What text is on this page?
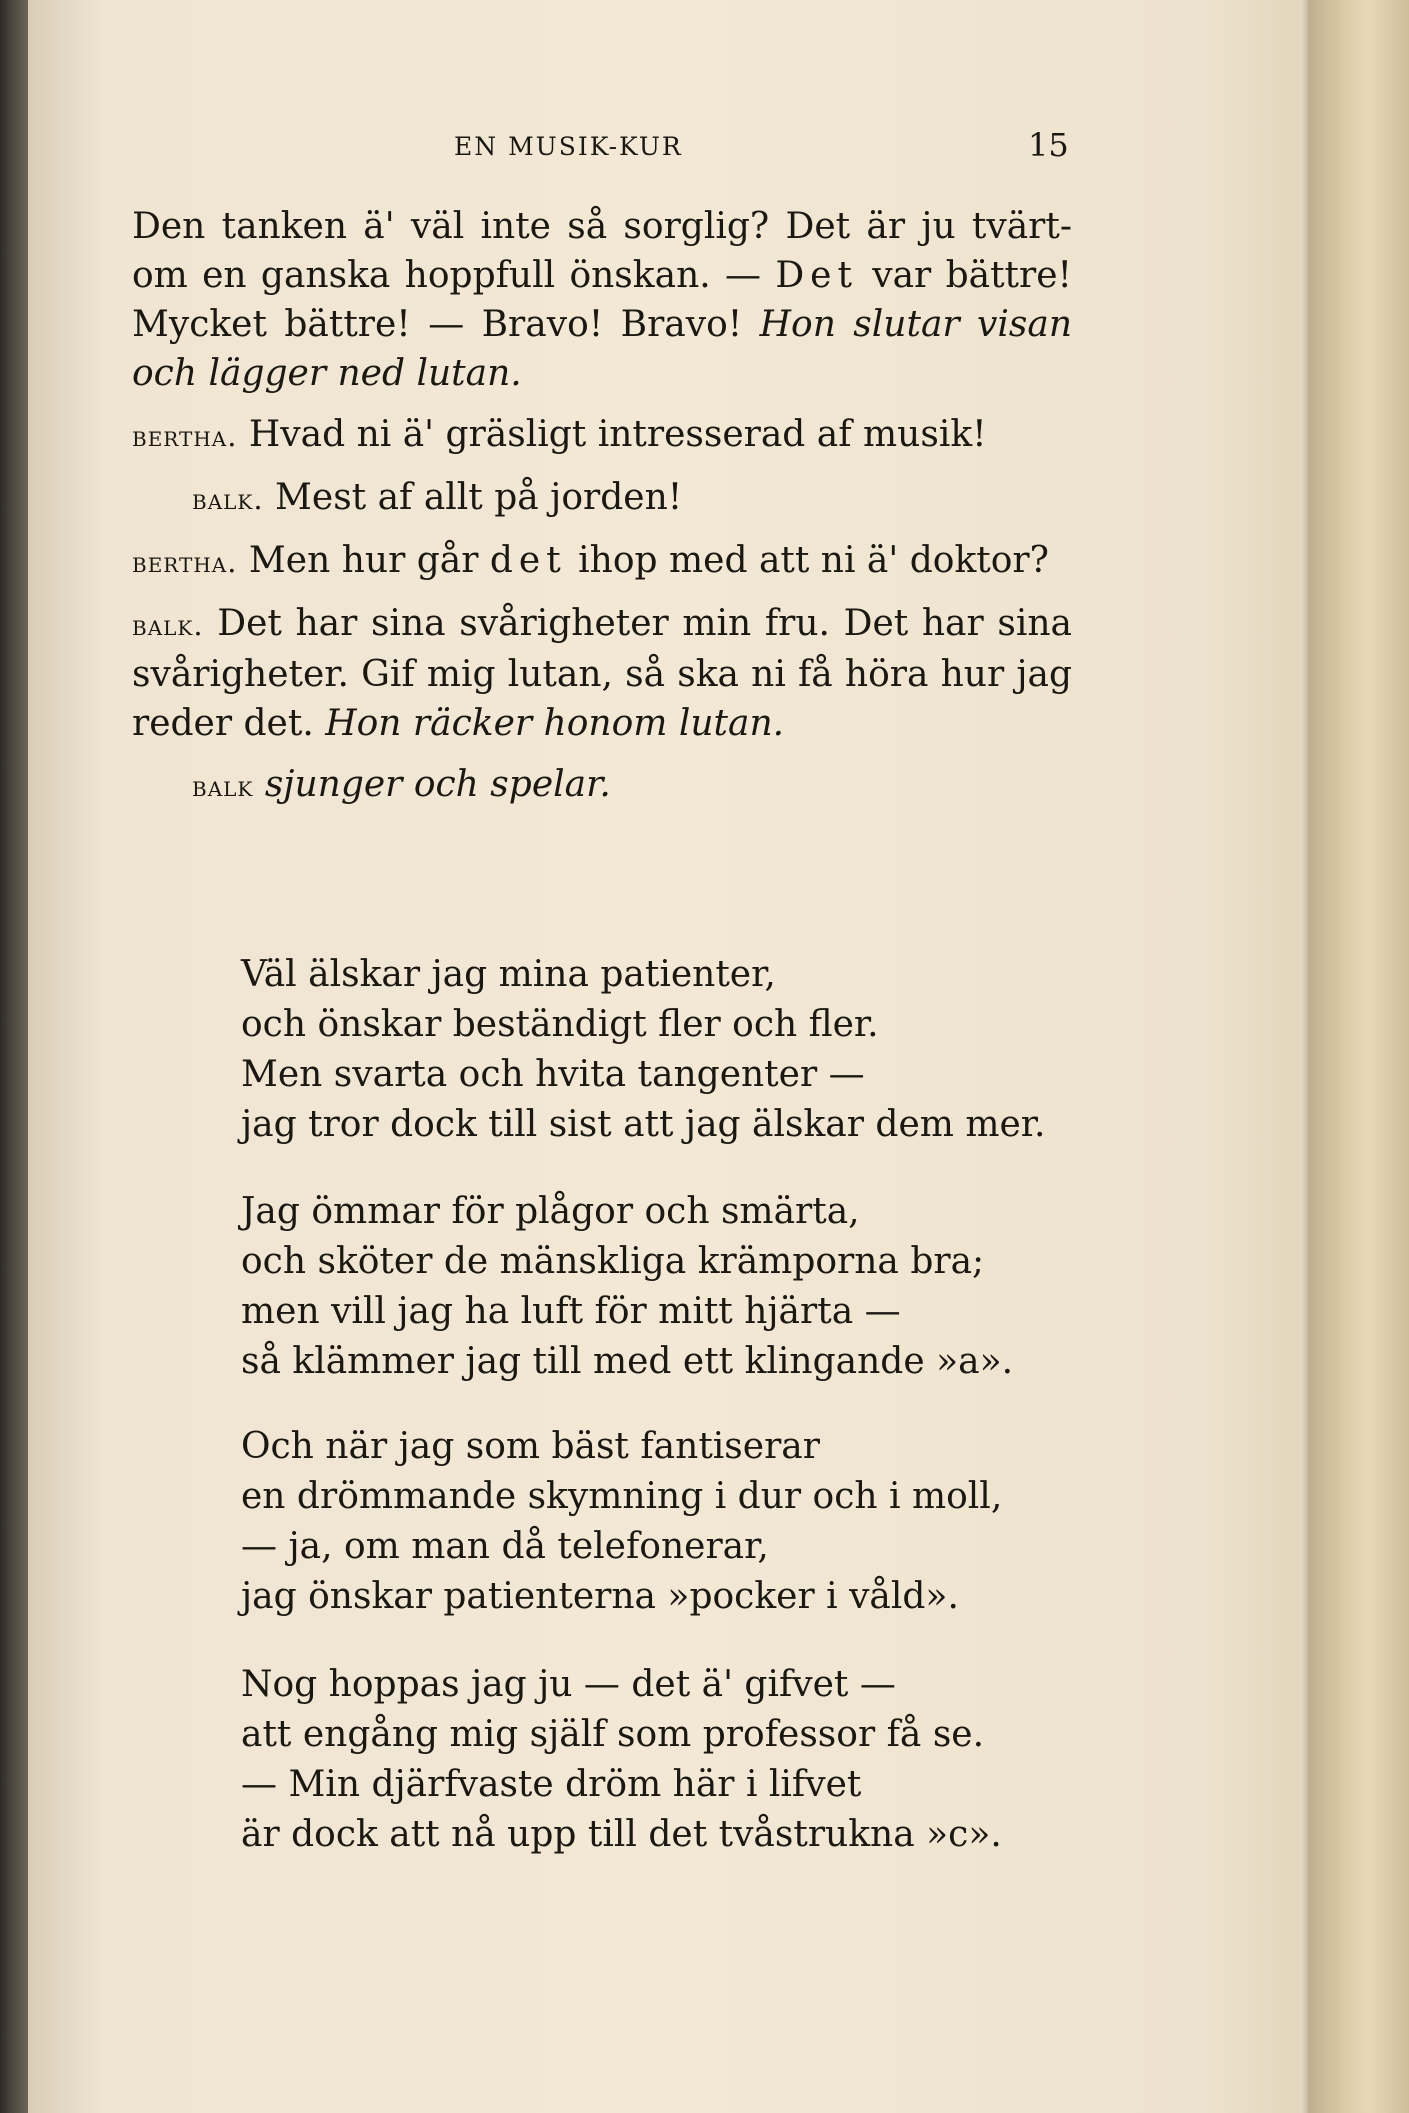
EN MUSIK-KUR	15

Den tanken ä' väl inte så sorglig? Det är ju tvärt-om en ganska hoppfull önskan. — Det var bättre! Mycket bättre! — Bravo! Bravo! Hon slutar visan och lägger ned lutan.

bertha. Hvad ni ä' gräsligt intresserad af musik!

balk. Mest af allt på jorden!

bertha. Men hur går det ihop med att ni ä' doktor?

balk. Det har sina svårigheter min fru. Det har sina svårigheter. Gif mig lutan, så ska ni få höra hur jag reder det. Hon räcker honom lutan.

balk sjunger och spelar.

Väl älskar jag mina patienter,
och önskar beständigt fler och fler.
Men svarta och hvita tangenter —
jag tror dock till sist att jag älskar dem mer.
Jag ömmar för plågor och smärta,
och sköter de mänskliga krämporna bra;
men vill jag ha luft för mitt hjärta —
så klämmer jag till med ett klingande »a».
Och när jag som bäst fantiserar
en drömmande skymning i dur och i moll,
— ja, om man då telefonerar,
jag önskar patienterna »pocker i våld».
Nog hoppas jag ju — det ä' gifvet —
att engång mig själf som professor få se.
— Min djärfvaste dröm här i lifvet
är dock att nå upp till det tvåstrukna »c».
